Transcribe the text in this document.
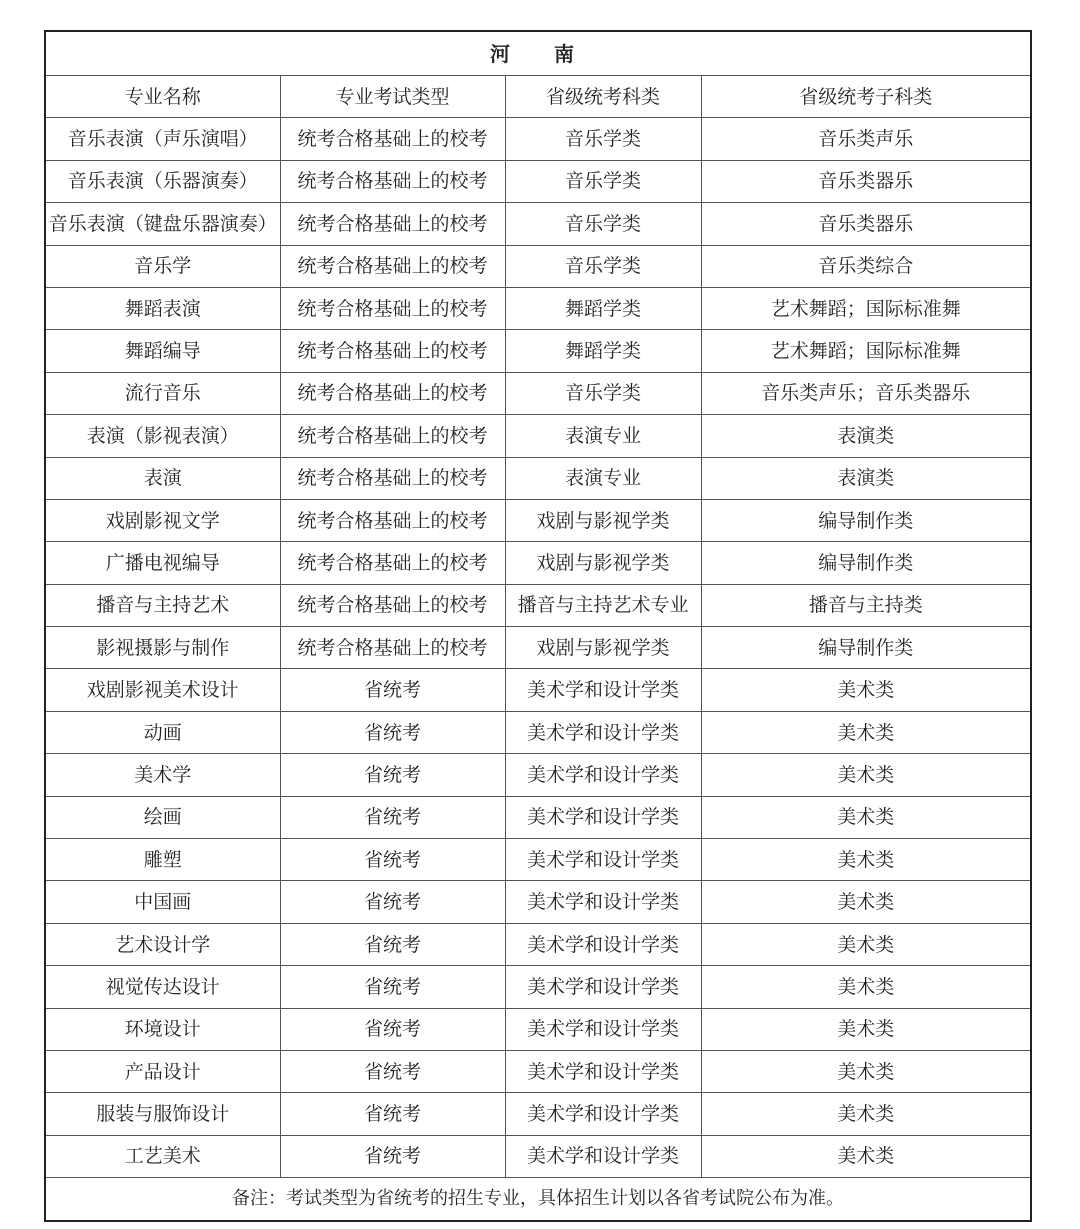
河　南			
专业名称	专业考试类型	省级统考科类	省级统考子科类
音乐表演（声乐演唱）	统考合格基础上的校考	音乐学类	音乐类声乐
音乐表演（乐器演奏）	统考合格基础上的校考	音乐学类	音乐类器乐
音乐表演（键盘乐器演奏）	统考合格基础上的校考	音乐学类	音乐类器乐
音乐学	统考合格基础上的校考	音乐学类	音乐类综合
舞蹈表演	统考合格基础上的校考	舞蹈学类	艺术舞蹈；国际标准舞
舞蹈编导	统考合格基础上的校考	舞蹈学类	艺术舞蹈；国际标准舞
流行音乐	统考合格基础上的校考	音乐学类	音乐类声乐；音乐类器乐
表演（影视表演）	统考合格基础上的校考	表演专业	表演类
表演	统考合格基础上的校考	表演专业	表演类
戏剧影视文学	统考合格基础上的校考	戏剧与影视学类	编导制作类
广播电视编导	统考合格基础上的校考	戏剧与影视学类	编导制作类
播音与主持艺术	统考合格基础上的校考	播音与主持艺术专业	播音与主持类
影视摄影与制作	统考合格基础上的校考	戏剧与影视学类	编导制作类
戏剧影视美术设计	省统考	美术学和设计学类	美术类
动画	省统考	美术学和设计学类	美术类
美术学	省统考	美术学和设计学类	美术类
绘画	省统考	美术学和设计学类	美术类
雕塑	省统考	美术学和设计学类	美术类
中国画	省统考	美术学和设计学类	美术类
艺术设计学	省统考	美术学和设计学类	美术类
视觉传达设计	省统考	美术学和设计学类	美术类
环境设计	省统考	美术学和设计学类	美术类
产品设计	省统考	美术学和设计学类	美术类
服装与服饰设计	省统考	美术学和设计学类	美术类
工艺美术	省统考	美术学和设计学类	美术类
备注：考试类型为省统考的招生专业，具体招生计划以各省考试院公布为准。			
